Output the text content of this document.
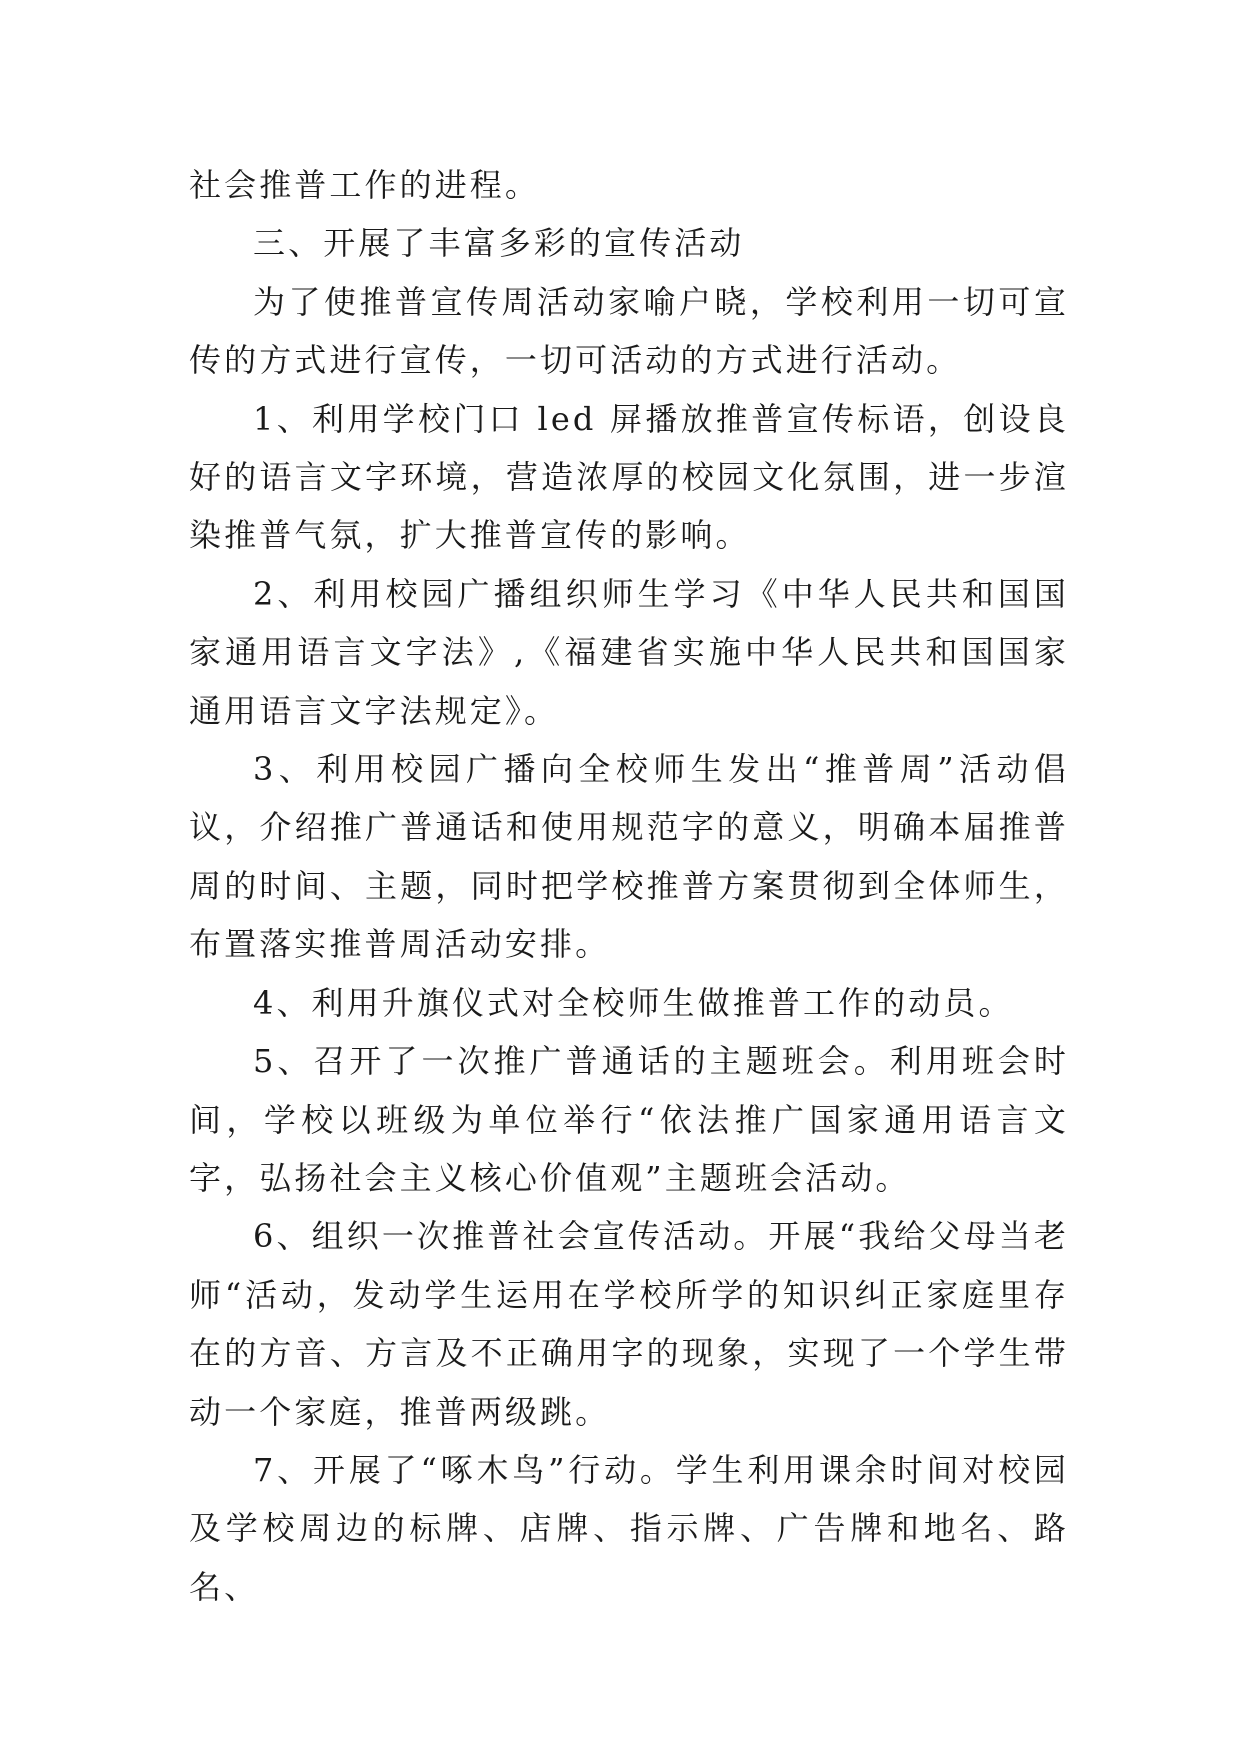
社会推普工作的进程。

三、开展了丰富多彩的宣传活动

为了使推普宣传周活动家喻户晓，学校利用一切可宣传的方式进行宣传，一切可活动的方式进行活动。

1、利用学校门口 led 屏播放推普宣传标语，创设良好的语言文字环境，营造浓厚的校园文化氛围，进一步渲染推普气氛，扩大推普宣传的影响。

2、利用校园广播组织师生学习《中华人民共和国国家通用语言文字法》,《福建省实施中华人民共和国国家通用语言文字法规定》。

3、利用校园广播向全校师生发出“推普周”活动倡议，介绍推广普通话和使用规范字的意义，明确本届推普周的时间、主题，同时把学校推普方案贯彻到全体师生，布置落实推普周活动安排。

4、利用升旗仪式对全校师生做推普工作的动员。

5、召开了一次推广普通话的主题班会。利用班会时间，学校以班级为单位举行“依法推广国家通用语言文字，弘扬社会主义核心价值观”主题班会活动。

6、组织一次推普社会宣传活动。开展“我给父母当老师“活动，发动学生运用在学校所学的知识纠正家庭里存在的方音、方言及不正确用字的现象，实现了一个学生带动一个家庭，推普两级跳。

7、开展了“啄木鸟”行动。学生利用课余时间对校园及学校周边的标牌、店牌、指示牌、广告牌和地名、路名、
